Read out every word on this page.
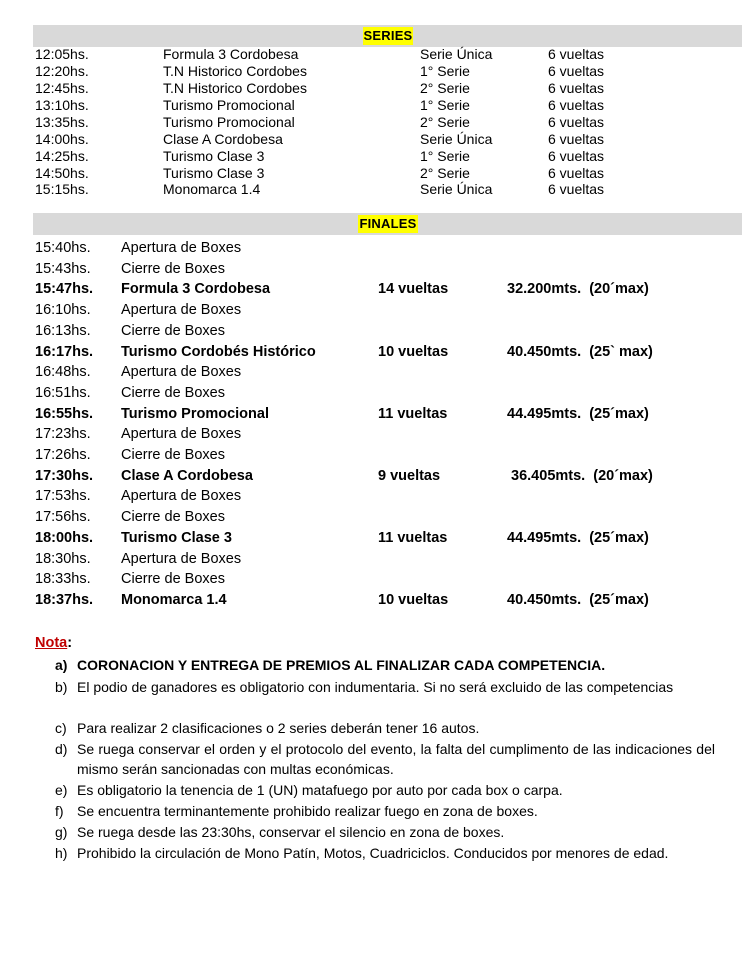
SERIES
12:05hs.	Formula 3 Cordobesa	Serie Única	6 vueltas
12:20hs.	T.N Historico Cordobes	1° Serie	6 vueltas
12:45hs.	T.N Historico Cordobes	2° Serie	6 vueltas
13:10hs.	Turismo Promocional	1° Serie	6 vueltas
13:35hs.	Turismo Promocional	2° Serie	6 vueltas
14:00hs.	Clase A Cordobesa	Serie Única	6 vueltas
14:25hs.	Turismo Clase 3	1° Serie	6 vueltas
14:50hs.	Turismo Clase 3	2° Serie	6 vueltas
15:15hs.	Monomarca 1.4	Serie Única	6 vueltas
FINALES
15:40hs. Apertura de Boxes
15:43hs. Cierre de Boxes
15:47hs. Formula 3 Cordobesa	14 vueltas	32.200mts.  (20´max)
16:10hs. Apertura de Boxes
16:13hs. Cierre de Boxes
16:17hs. Turismo Cordobés Histórico	10 vueltas	40.450mts.  (25` max)
16:48hs. Apertura de Boxes
16:51hs. Cierre de Boxes
16:55hs. Turismo Promocional	11 vueltas	44.495mts.  (25´max)
17:23hs. Apertura de Boxes
17:26hs. Cierre de Boxes
17:30hs. Clase A Cordobesa	9 vueltas	36.405mts.  (20´max)
17:53hs. Apertura de Boxes
17:56hs. Cierre de Boxes
18:00hs. Turismo Clase 3	11 vueltas	44.495mts.  (25´max)
18:30hs. Apertura de Boxes
18:33hs. Cierre de Boxes
18:37hs. Monomarca 1.4	10 vueltas	40.450mts.  (25´max)
Nota:
a) CORONACION Y ENTREGA DE PREMIOS AL FINALIZAR CADA COMPETENCIA.
b) El podio de ganadores es obligatorio con indumentaria. Si no será excluido de las competencias
c) Para realizar 2 clasificaciones o 2 series deberán tener 16 autos.
d) Se ruega conservar el orden y el protocolo del evento, la falta del cumplimento de las indicaciones del mismo serán sancionadas con multas económicas.
e) Es obligatorio la tenencia de 1 (UN) matafuego por auto por cada box o carpa.
f) Se encuentra terminantemente prohibido realizar fuego en zona de boxes.
g) Se ruega desde las 23:30hs, conservar el silencio en zona de boxes.
h) Prohibido la circulación de Mono Patín, Motos, Cuadriciclos. Conducidos por menores de edad.
